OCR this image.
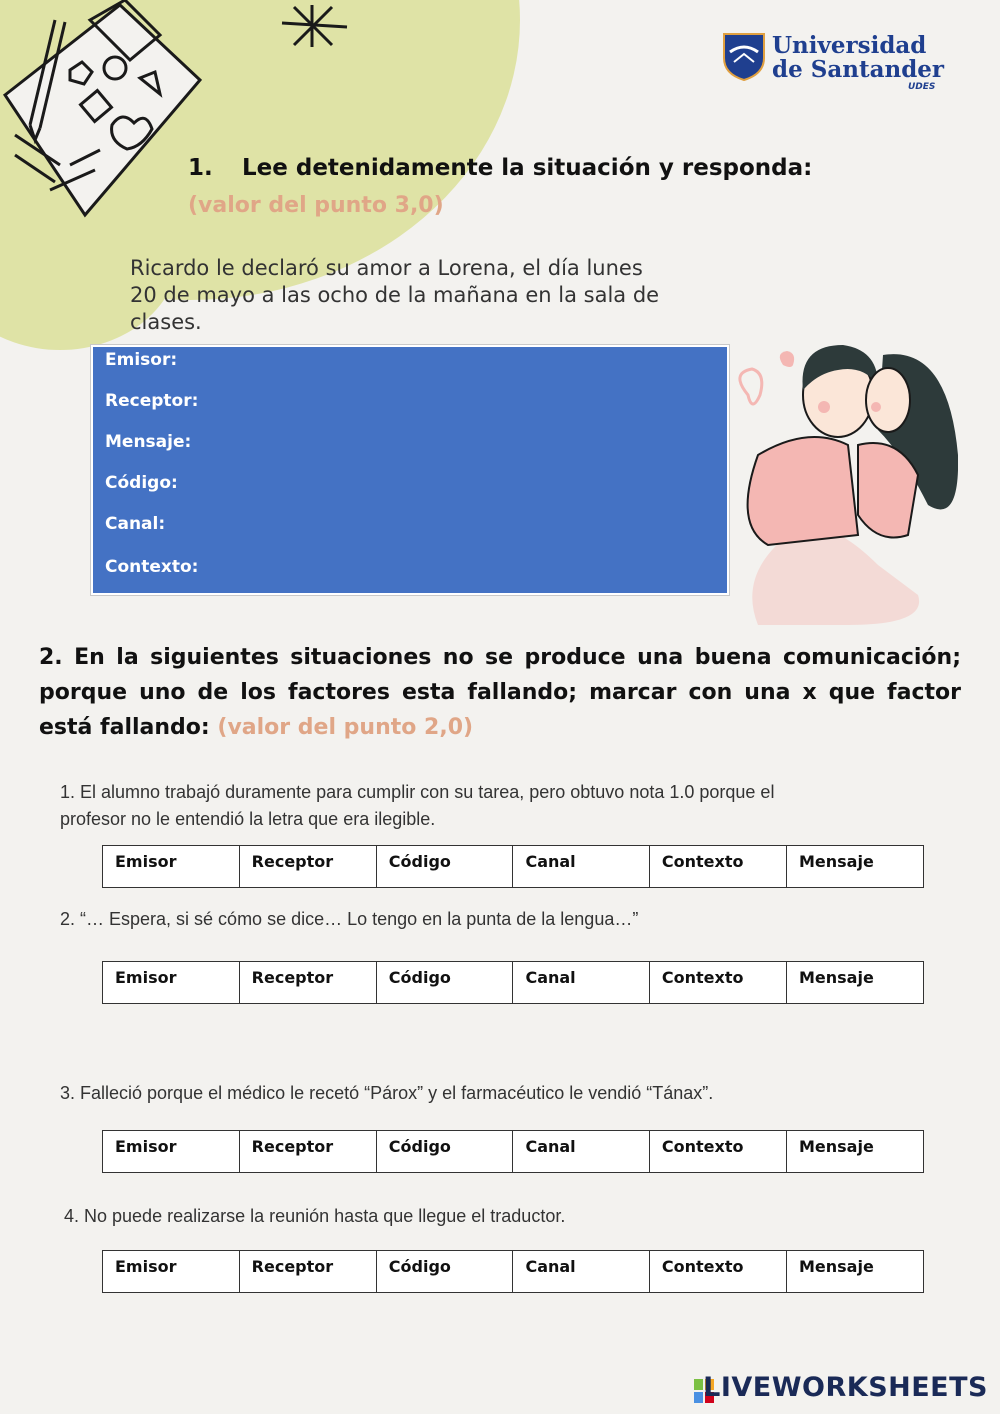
Universidad
de Santander
UDES
1. Lee detenidamente la situación y responda:
(valor del punto 3,0)
Ricardo le declaró su amor a Lorena, el día lunes
20 de mayo a las ocho de la mañana en la sala de
clases.
Emisor:
Receptor:
Mensaje:
Código:
Canal:
Contexto:
2. En la siguientes situaciones no se produce una buena comunicación; porque uno de los factores esta fallando; marcar con una x que factor está fallando: (valor del punto 2,0)
1. El alumno trabajó duramente para cumplir con su tarea, pero obtuvo nota 1.0 porque el
profesor no le entendió la letra que era ilegible.
Emisor	Receptor	Código	Canal	Contexto	Mensaje
2. “… Espera, si sé cómo se dice… Lo tengo en la punta de la lengua…”
Emisor	Receptor	Código	Canal	Contexto	Mensaje
3. Falleció porque el médico le recetó “Párox” y el farmacéutico le vendió “Tánax”.
Emisor	Receptor	Código	Canal	Contexto	Mensaje
4. No puede realizarse la reunión hasta que llegue el traductor.
Emisor	Receptor	Código	Canal	Contexto	Mensaje
LIVEWORKSHEETS
